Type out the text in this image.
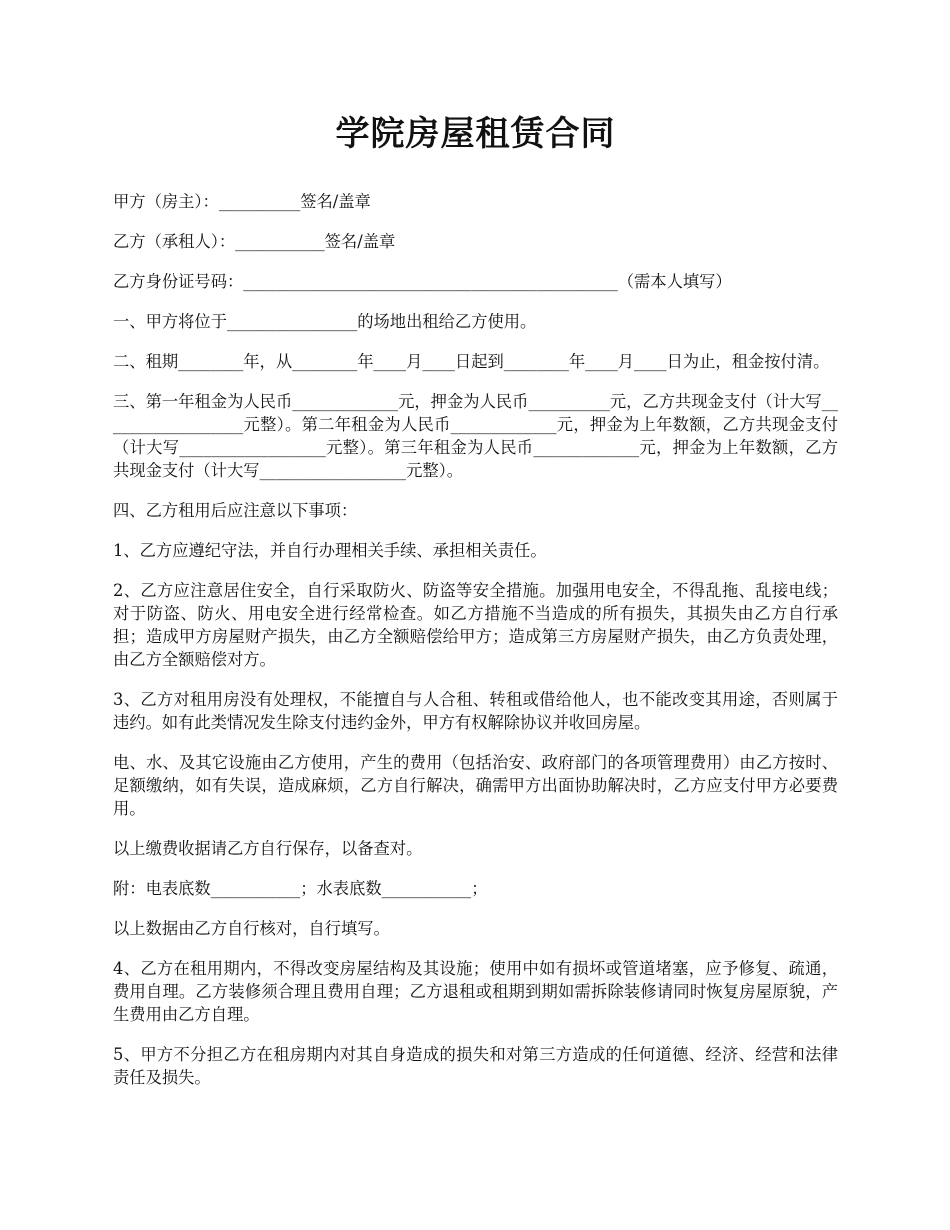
学院房屋租赁合同

甲方（房主）：__________签名/盖章

乙方（承租人）：___________签名/盖章

乙方身份证号码：______________________________________________（需本人填写）

一、甲方将位于________________的场地出租给乙方使用。

二、租期________年，从________年____月____日起到________年____月____日为止，租金按付清。

三、第一年租金为人民币_____________元，押金为人民币__________元，乙方共现金支付（计大写__________________元整）。第二年租金为人民币_____________元，押金为上年数额，乙方共现金支付（计大写__________________元整）。第三年租金为人民币_____________元，押金为上年数额，乙方共现金支付（计大写__________________元整）。

四、乙方租用后应注意以下事项：

1、乙方应遵纪守法，并自行办理相关手续、承担相关责任。

2、乙方应注意居住安全，自行采取防火、防盗等安全措施。加强用电安全，不得乱拖、乱接电线；对于防盗、防火、用电安全进行经常检查。如乙方措施不当造成的所有损失，其损失由乙方自行承担；造成甲方房屋财产损失，由乙方全额赔偿给甲方；造成第三方房屋财产损失，由乙方负责处理，由乙方全额赔偿对方。

3、乙方对租用房没有处理权，不能擅自与人合租、转租或借给他人，也不能改变其用途，否则属于违约。如有此类情况发生除支付违约金外，甲方有权解除协议并收回房屋。

电、水、及其它设施由乙方使用，产生的费用（包括治安、政府部门的各项管理费用）由乙方按时、足额缴纳，如有失误，造成麻烦，乙方自行解决，确需甲方出面协助解决时，乙方应支付甲方必要费用。

以上缴费收据请乙方自行保存，以备查对。

附：电表底数___________；水表底数___________；

以上数据由乙方自行核对，自行填写。

4、乙方在租用期内，不得改变房屋结构及其设施；使用中如有损坏或管道堵塞，应予修复、疏通，费用自理。乙方装修须合理且费用自理；乙方退租或租期到期如需拆除装修请同时恢复房屋原貌，产生费用由乙方自理。

5、甲方不分担乙方在租房期内对其自身造成的损失和对第三方造成的任何道德、经济、经营和法律责任及损失。
